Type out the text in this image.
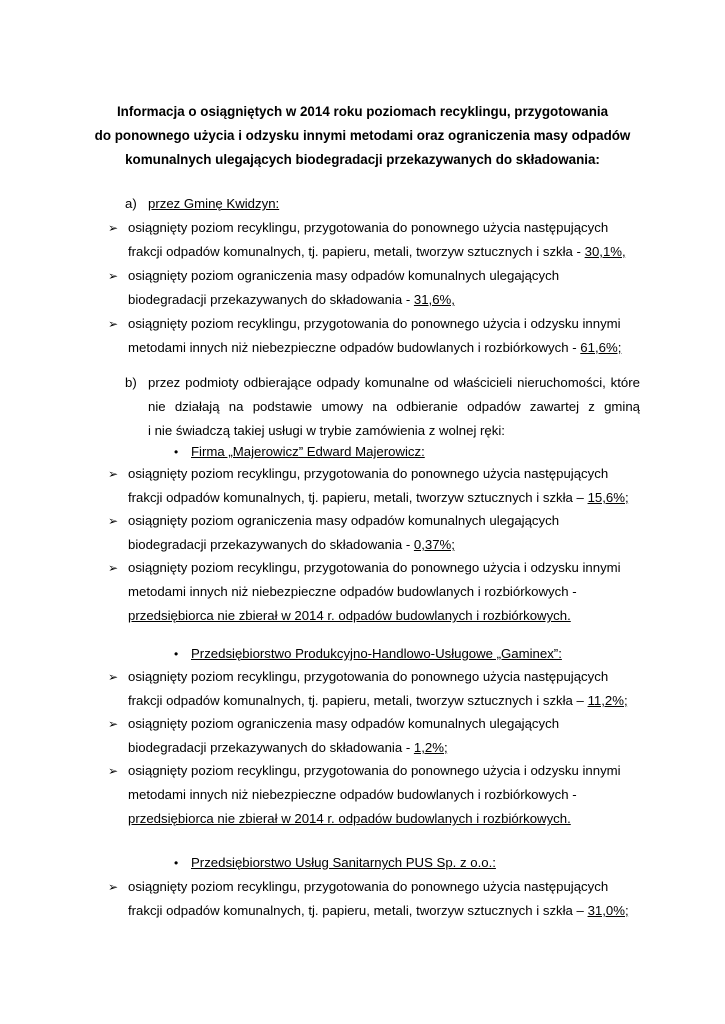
Informacja o osiągniętych w 2014 roku poziomach recyklingu, przygotowania
do ponownego użycia i odzysku innymi metodami oraz ograniczenia masy odpadów
komunalnych ulegających biodegradacji przekazywanych do składowania:
a) przez Gminę Kwidzyn:
➢ osiągnięty poziom recyklingu, przygotowania do ponownego użycia następujących
frakcji odpadów komunalnych, tj. papieru, metali, tworzyw sztucznych i szkła - 30,1%,
➢ osiągnięty poziom ograniczenia masy odpadów komunalnych ulegających
biodegradacji przekazywanych do składowania - 31,6%,
➢ osiągnięty poziom recyklingu, przygotowania do ponownego użycia i odzysku innymi
metodami innych niż niebezpieczne odpadów budowlanych i rozbiórkowych - 61,6%;
b) przez podmioty odbierające odpady komunalne od właścicieli nieruchomości, które
nie działają na podstawie umowy na odbieranie odpadów zawartej z gminą
i nie świadczą takiej usługi w trybie zamówienia z wolnej ręki:
• Firma „Majerowicz” Edward Majerowicz:
➢ osiągnięty poziom recyklingu, przygotowania do ponownego użycia następujących
frakcji odpadów komunalnych, tj. papieru, metali, tworzyw sztucznych i szkła – 15,6%;
➢ osiągnięty poziom ograniczenia masy odpadów komunalnych ulegających
biodegradacji przekazywanych do składowania - 0,37%;
➢ osiągnięty poziom recyklingu, przygotowania do ponownego użycia i odzysku innymi
metodami innych niż niebezpieczne odpadów budowlanych i rozbiórkowych -
przedsiębiorca nie zbierał w 2014 r. odpadów budowlanych i rozbiórkowych.
• Przedsiębiorstwo Produkcyjno-Handlowo-Usługowe „Gaminex”:
➢ osiągnięty poziom recyklingu, przygotowania do ponownego użycia następujących
frakcji odpadów komunalnych, tj. papieru, metali, tworzyw sztucznych i szkła – 11,2%;
➢ osiągnięty poziom ograniczenia masy odpadów komunalnych ulegających
biodegradacji przekazywanych do składowania - 1,2%;
➢ osiągnięty poziom recyklingu, przygotowania do ponownego użycia i odzysku innymi
metodami innych niż niebezpieczne odpadów budowlanych i rozbiórkowych -
przedsiębiorca nie zbierał w 2014 r. odpadów budowlanych i rozbiórkowych.
• Przedsiębiorstwo Usług Sanitarnych PUS Sp. z o.o.:
➢ osiągnięty poziom recyklingu, przygotowania do ponownego użycia następujących
frakcji odpadów komunalnych, tj. papieru, metali, tworzyw sztucznych i szkła – 31,0%;
